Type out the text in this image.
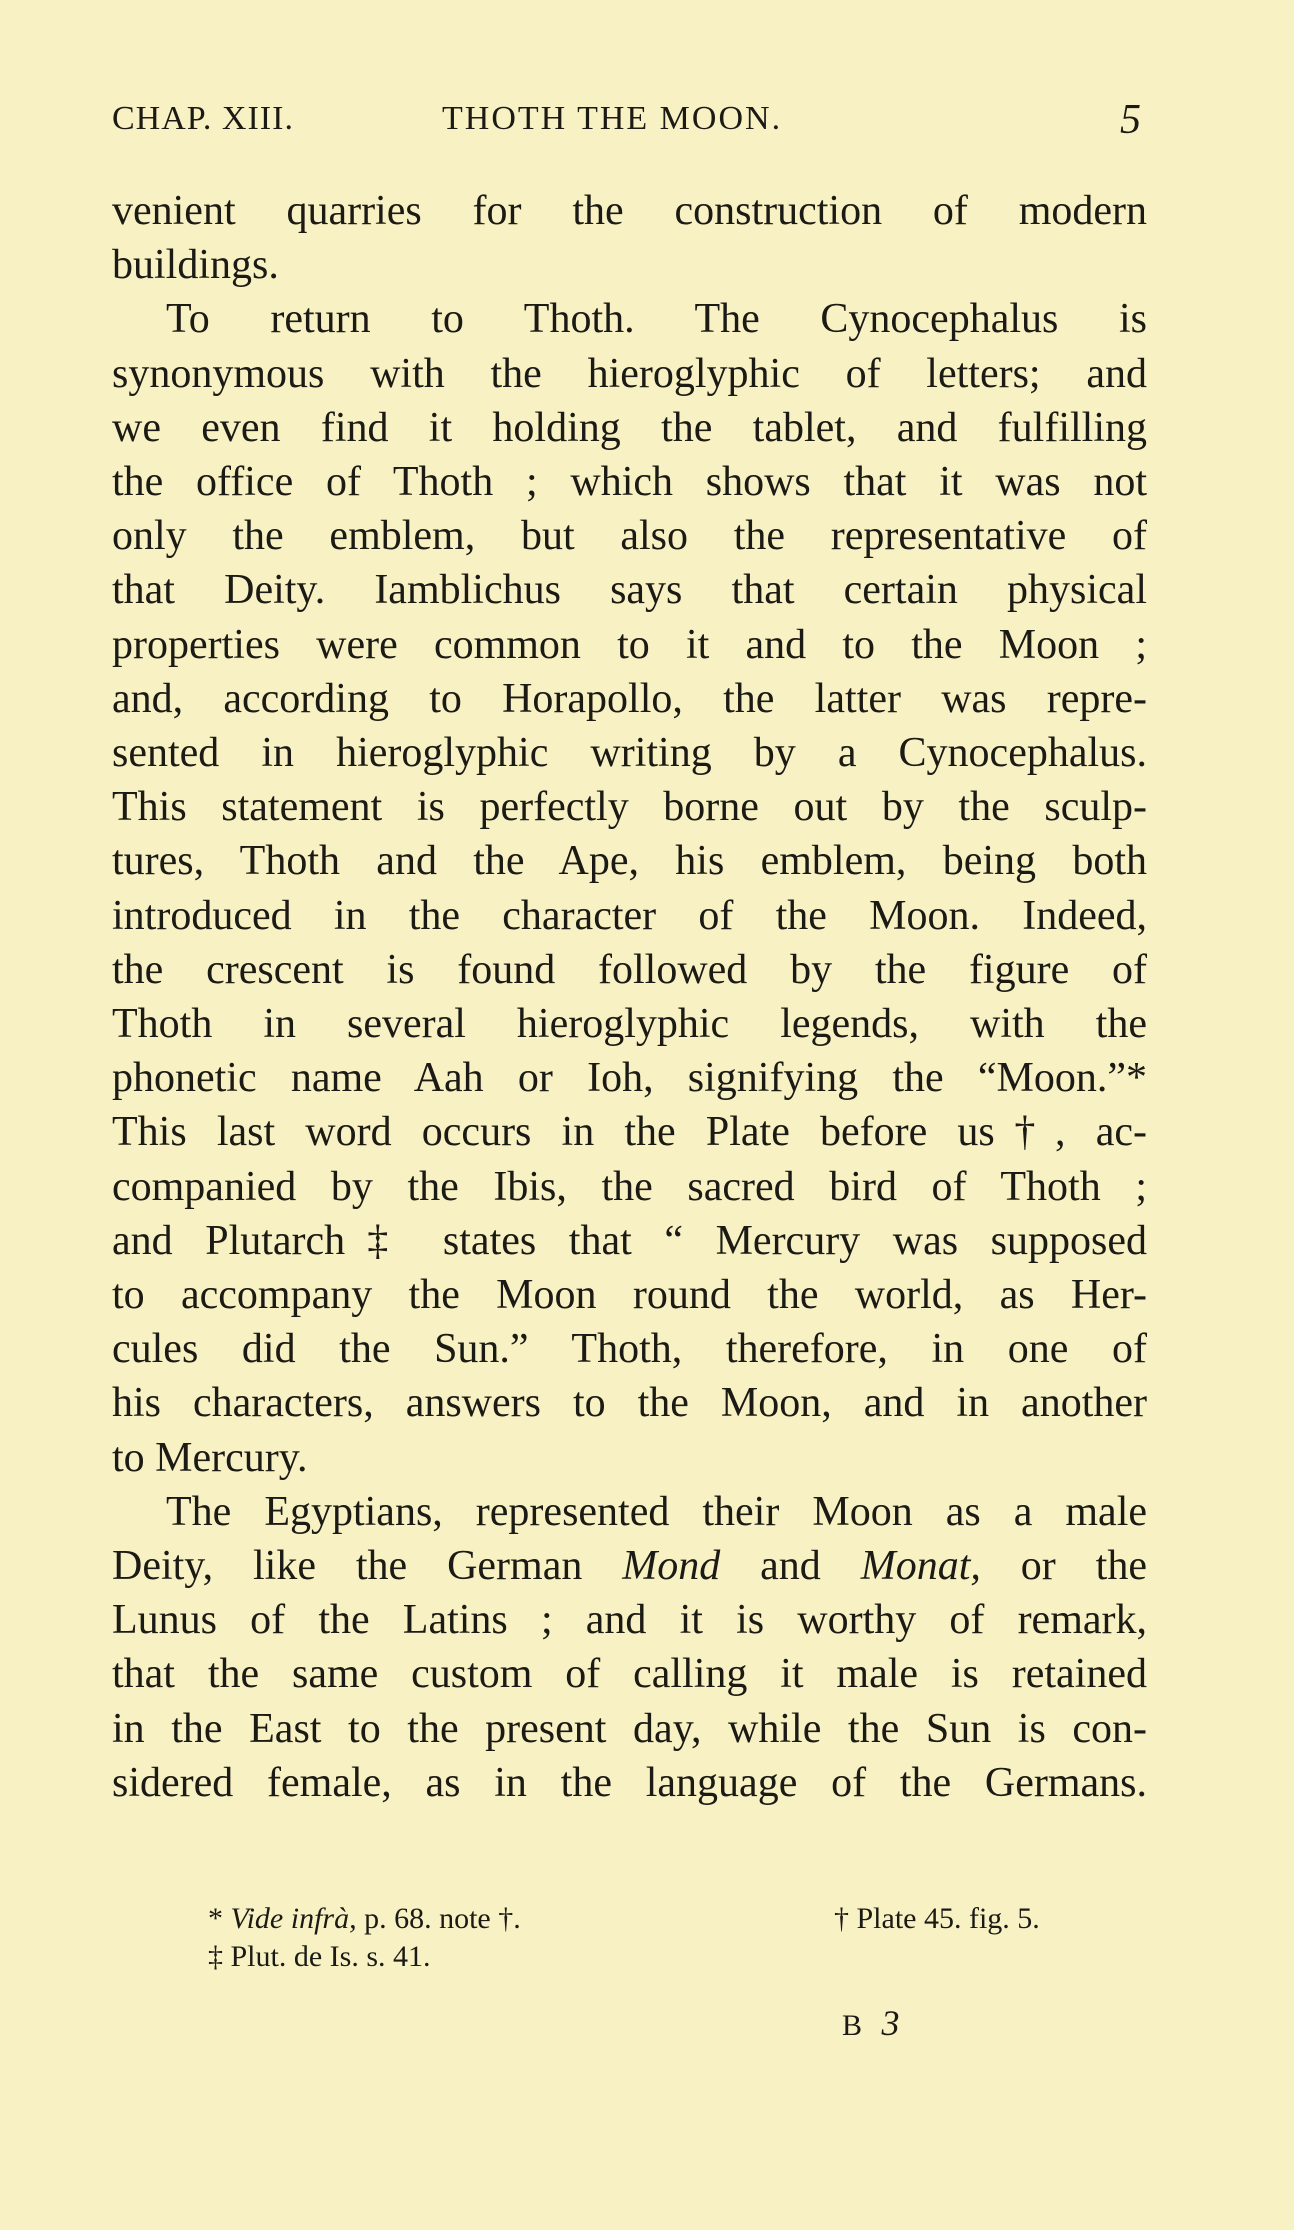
CHAP. XIII.	THOTH THE MOON.	5
venient quarries for the construction of modern
buildings.
To return to Thoth. The Cynocephalus is
synonymous with the hieroglyphic of letters; and
we even find it holding the tablet, and fulfilling
the office of Thoth ; which shows that it was not
only the emblem, but also the representative of
that Deity. Iamblichus says that certain physical
properties were common to it and to the Moon ;
and, according to Horapollo, the latter was repre-
sented in hieroglyphic writing by a Cynocephalus.
This statement is perfectly borne out by the sculp-
tures, Thoth and the Ape, his emblem, being both
introduced in the character of the Moon. Indeed,
the crescent is found followed by the figure of
Thoth in several hieroglyphic legends, with the
phonetic name Aah or Ioh, signifying the “Moon.”*
This last word occurs in the Plate before us†, ac-
companied by the Ibis, the sacred bird of Thoth ;
and Plutarch‡ states that “ Mercury was supposed
to accompany the Moon round the world, as Her-
cules did the Sun.” Thoth, therefore, in one of
his characters, answers to the Moon, and in another
to Mercury.
The Egyptians, represented their Moon as a male
Deity, like the German Mond and Monat, or the
Lunus of the Latins ; and it is worthy of remark,
that the same custom of calling it male is retained
in the East to the present day, while the Sun is con-
sidered female, as in the language of the Germans.
* Vide infrà, p. 68. note †.	† Plate 45. fig. 5.
‡ Plut. de Is. s. 41.
B 3
